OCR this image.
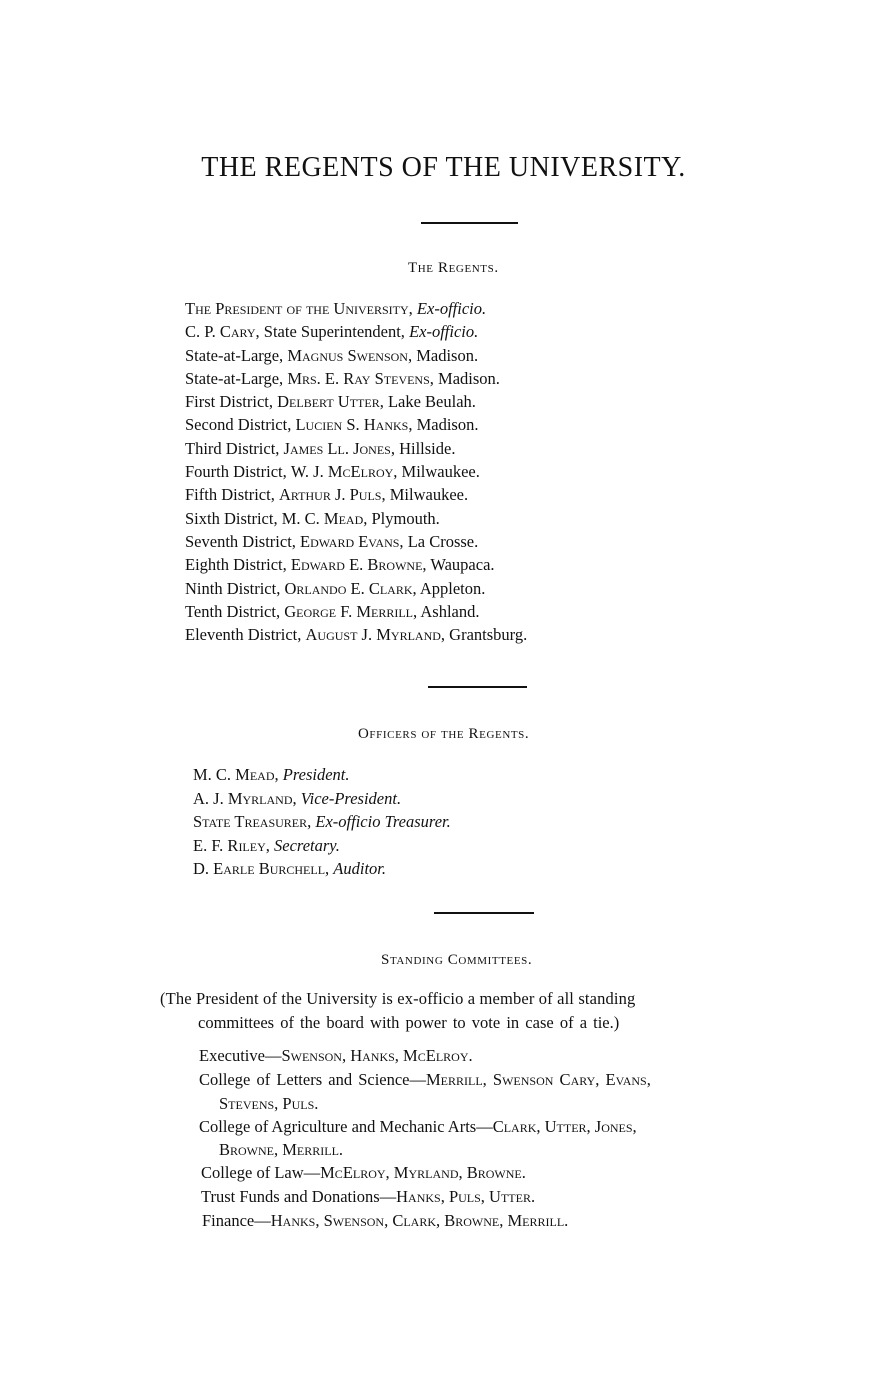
THE REGENTS OF THE UNIVERSITY.
The Regents.
The President of the University, Ex-officio.
C. P. Cary, State Superintendent, Ex-officio.
State-at-Large, Magnus Swenson, Madison.
State-at-Large, Mrs. E. Ray Stevens, Madison.
First District, Delbert Utter, Lake Beulah.
Second District, Lucien S. Hanks, Madison.
Third District, James Ll. Jones, Hillside.
Fourth District, W. J. McElroy, Milwaukee.
Fifth District, Arthur J. Puls, Milwaukee.
Sixth District, M. C. Mead, Plymouth.
Seventh District, Edward Evans, La Crosse.
Eighth District, Edward E. Browne, Waupaca.
Ninth District, Orlando E. Clark, Appleton.
Tenth District, George F. Merrill, Ashland.
Eleventh District, August J. Myrland, Grantsburg.
Officers of the Regents.
M. C. Mead, President.
A. J. Myrland, Vice-President.
State Treasurer, Ex-officio Treasurer.
E. F. Riley, Secretary.
D. Earle Burchell, Auditor.
Standing Committees.
(The President of the University is ex-officio a member of all standing
committees of the board with power to vote in case of a tie.)
Executive—Swenson, Hanks, McElroy.
College of Letters and Science—Merrill, Swenson Cary, Evans,
Stevens, Puls.
College of Agriculture and Mechanic Arts—Clark, Utter, Jones,
Browne, Merrill.
College of Law—McElroy, Myrland, Browne.
Trust Funds and Donations—Hanks, Puls, Utter.
Finance—Hanks, Swenson, Clark, Browne, Merrill.
